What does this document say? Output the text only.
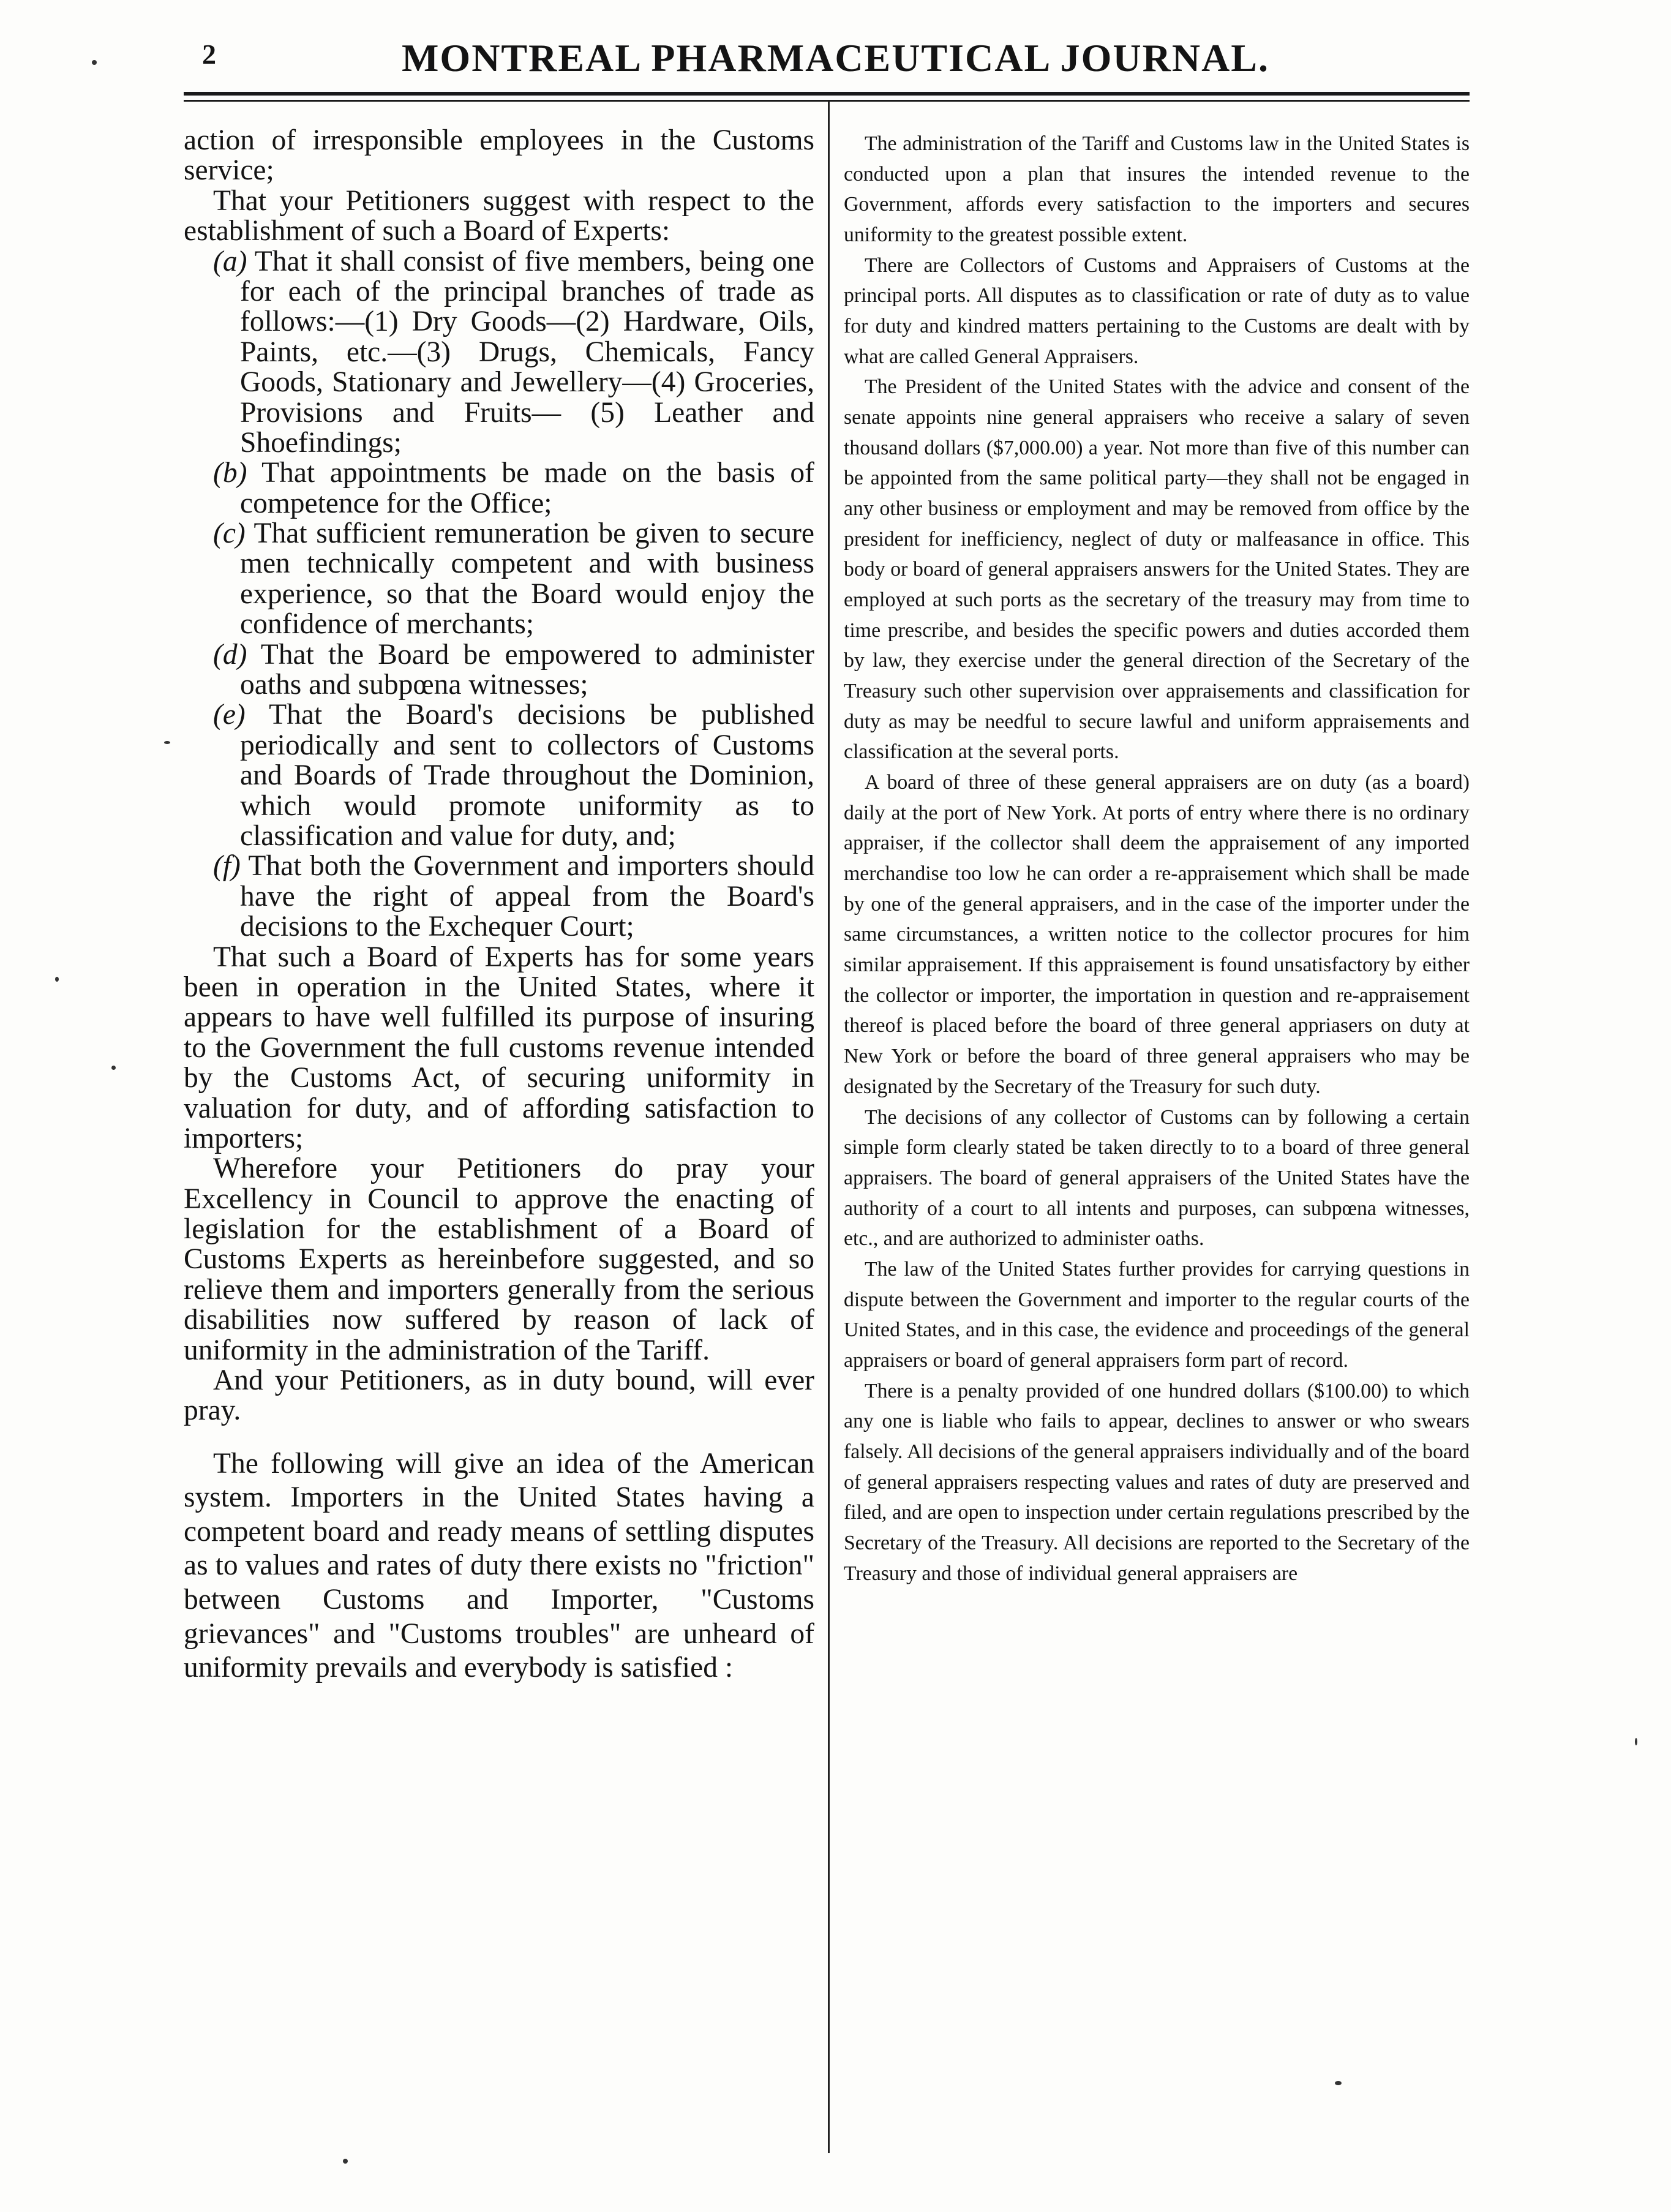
2	MONTREAL PHARMACEUTICAL JOURNAL.

action of irresponsible employees in the Customs service;

That your Petitioners suggest with respect to the establishment of such a Board of Experts:

(a) That it shall consist of five members, being one for each of the principal branches of trade as follows:—(1) Dry Goods—(2) Hardware, Oils, Paints, etc.—(3) Drugs, Chemicals, Fancy Goods, Stationary and Jewellery—(4) Groceries, Provisions and Fruits— (5) Leather and Shoefindings;

(b) That appointments be made on the basis of competence for the Office;

(c) That sufficient remuneration be given to secure men technically competent and with business experience, so that the Board would enjoy the confidence of merchants;

(d) That the Board be empowered to administer oaths and subpœna witnesses;

(e) That the Board's decisions be published periodically and sent to collectors of Customs and Boards of Trade throughout the Dominion, which would promote uniformity as to classification and value for duty, and;

(f) That both the Government and importers should have the right of appeal from the Board's decisions to the Exchequer Court;

That such a Board of Experts has for some years been in operation in the United States, where it appears to have well fulfilled its purpose of insuring to the Government the full customs revenue intended by the Customs Act, of securing uniformity in valuation for duty, and of affording satisfaction to importers;

Wherefore your Petitioners do pray your Excellency in Council to approve the enacting of legislation for the establishment of a Board of Customs Experts as hereinbefore suggested, and so relieve them and importers generally from the serious disabilities now suffered by reason of lack of uniformity in the administration of the Tariff.

And your Petitioners, as in duty bound, will ever pray.

The following will give an idea of the American system. Importers in the United States having a competent board and ready means of settling disputes as to values and rates of duty there exists no "friction" between Customs and Importer, "Customs grievances" and "Customs troubles" are unheard of uniformity prevails and everybody is satisfied :

The administration of the Tariff and Customs law in the United States is conducted upon a plan that insures the intended revenue to the Government, affords every satisfaction to the importers and secures uniformity to the greatest possible extent.

There are Collectors of Customs and Appraisers of Customs at the principal ports. All disputes as to classification or rate of duty as to value for duty and kindred matters pertaining to the Customs are dealt with by what are called General Appraisers.

The President of the United States with the advice and consent of the senate appoints nine general appraisers who receive a salary of seven thousand dollars ($7,000.00) a year. Not more than five of this number can be appointed from the same political party—they shall not be engaged in any other business or employment and may be removed from office by the president for inefficiency, neglect of duty or malfeasance in office. This body or board of general appraisers answers for the United States. They are employed at such ports as the secretary of the treasury may from time to time prescribe, and besides the specific powers and duties accorded them by law, they exercise under the general direction of the Secretary of the Treasury such other supervision over appraisements and classification for duty as may be needful to secure lawful and uniform appraisements and classification at the several ports.

A board of three of these general appraisers are on duty (as a board) daily at the port of New York. At ports of entry where there is no ordinary appraiser, if the collector shall deem the appraisement of any imported merchandise too low he can order a re-appraisement which shall be made by one of the general appraisers, and in the case of the importer under the same circumstances, a written notice to the collector procures for him similar appraisement. If this appraisement is found unsatisfactory by either the collector or importer, the importation in question and re-appraisement thereof is placed before the board of three general appriasers on duty at New York or before the board of three general appraisers who may be designated by the Secretary of the Treasury for such duty.

The decisions of any collector of Customs can by following a certain simple form clearly stated be taken directly to to a board of three general appraisers. The board of general appraisers of the United States have the authority of a court to all intents and purposes, can subpœna witnesses, etc., and are authorized to administer oaths.

The law of the United States further provides for carrying questions in dispute between the Government and importer to the regular courts of the United States, and in this case, the evidence and proceedings of the general appraisers or board of general appraisers form part of record.

There is a penalty provided of one hundred dollars ($100.00) to which any one is liable who fails to appear, declines to answer or who swears falsely. All decisions of the general appraisers individually and of the board of general appraisers respecting values and rates of duty are preserved and filed, and are open to inspection under certain regulations prescribed by the Secretary of the Treasury. All decisions are reported to the Secretary of the Treasury and those of individual general appraisers are
